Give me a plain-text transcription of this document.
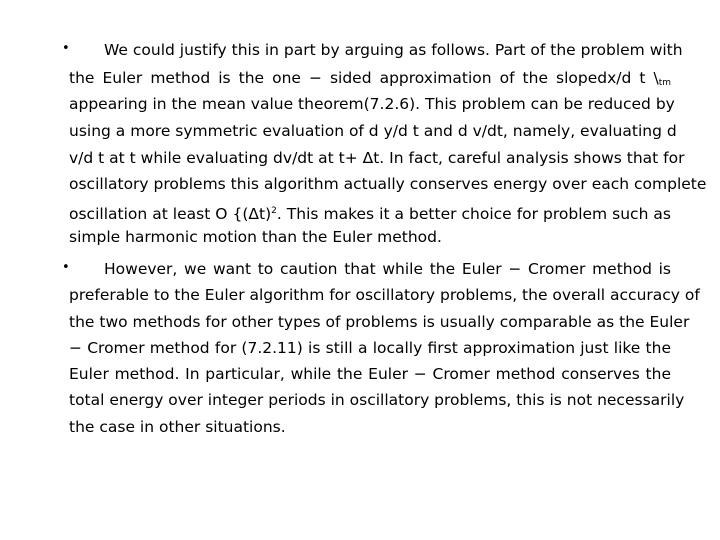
• We could justify this in part by arguing as follows. Part of the problem with
the Euler method is the one − sided approximation of the slopedx/d t $\backslash_{tm}$
appearing in the mean value theorem(7.2.6). This problem can be reduced by
using a more symmetric evaluation of d y/d t and d v/dt, namely, evaluating d
v/d t at t while evaluating dv/dt at t+ Δt. In fact, careful analysis shows that for
oscillatory problems this algorithm actually conserves energy over each complete
oscillation at least O {$(\Delta t)^2$. This makes it a better choice for problem such as
simple harmonic motion than the Euler method.
• However, we want to caution that while the Euler − Cromer method is
preferable to the Euler algorithm for oscillatory problems, the overall accuracy of
the two methods for other types of problems is usually comparable as the Euler
− Cromer method for (7.2.11) is still a locally first approximation just like the
Euler method. In particular, while the Euler − Cromer method conserves the
total energy over integer periods in oscillatory problems, this is not necessarily
the case in other situations.
